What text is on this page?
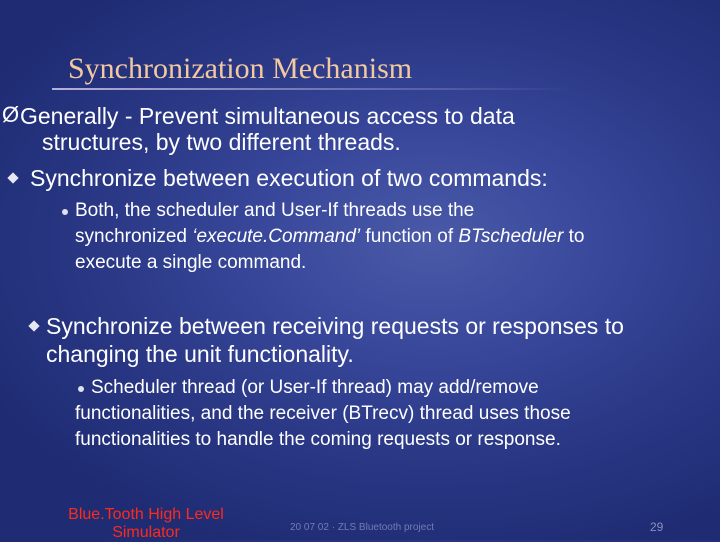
Synchronization Mechanism
Ø Generally - Prevent simultaneous access to data
structures, by two different threads.
Synchronize between execution of two commands:
Both, the scheduler and User-If threads use the
synchronized ‘execute.Command’ function of BTscheduler to
execute a single command.
Synchronize between receiving requests or responses to
changing the unit functionality.
Scheduler thread (or User-If thread) may add/remove
functionalities, and the receiver (BTrecv) thread uses those
functionalities to handle the coming requests or response.
Blue.Tooth High Level
Simulator	20 07 02 · ZLS Bluetooth project	29
